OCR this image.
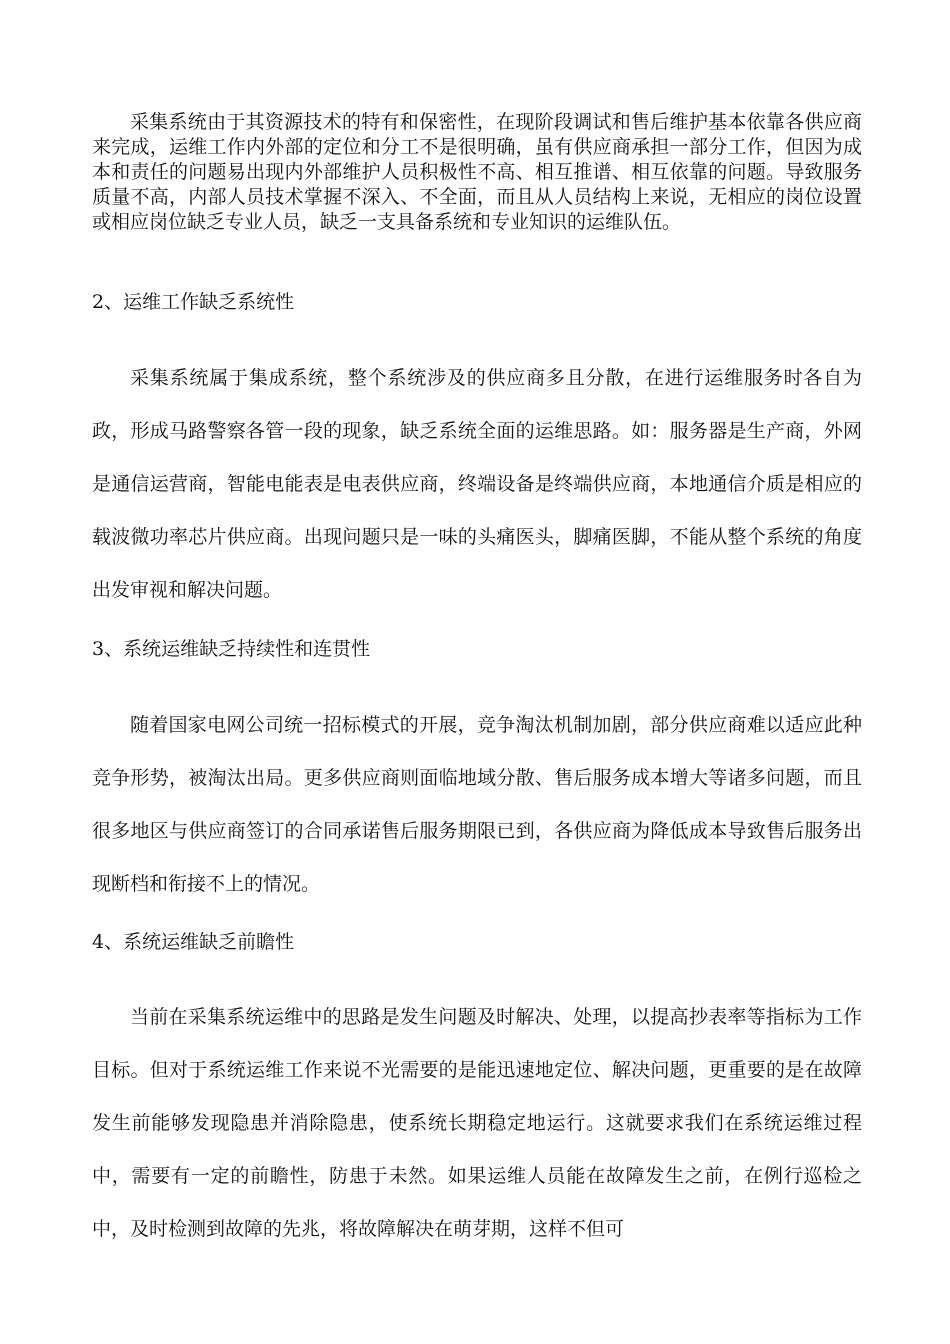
采集系统由于其资源技术的特有和保密性，在现阶段调试和售后维护基本依靠各供应商来完成，运维工作内外部的定位和分工不是很明确，虽有供应商承担一部分工作，但因为成本和责任的问题易出现内外部维护人员积极性不高、相互推谱、相互依靠的问题。导致服务质量不高，内部人员技术掌握不深入、不全面，而且从人员结构上来说，无相应的岗位设置或相应岗位缺乏专业人员，缺乏一支具备系统和专业知识的运维队伍。

2、运维工作缺乏系统性

采集系统属于集成系统，整个系统涉及的供应商多且分散，在进行运维服务时各自为政，形成马路警察各管一段的现象，缺乏系统全面的运维思路。如：服务器是生产商，外网是通信运营商，智能电能表是电表供应商，终端设备是终端供应商，本地通信介质是相应的载波微功率芯片供应商。出现问题只是一味的头痛医头，脚痛医脚，不能从整个系统的角度出发审视和解决问题。

3、系统运维缺乏持续性和连贯性

随着国家电网公司统一招标模式的开展，竞争淘汰机制加剧，部分供应商难以适应此种竞争形势，被淘汰出局。更多供应商则面临地域分散、售后服务成本增大等诸多问题，而且很多地区与供应商签订的合同承诺售后服务期限已到，各供应商为降低成本导致售后服务出现断档和衔接不上的情况。

4、系统运维缺乏前瞻性

当前在采集系统运维中的思路是发生问题及时解决、处理，以提高抄表率等指标为工作目标。但对于系统运维工作来说不光需要的是能迅速地定位、解决问题，更重要的是在故障发生前能够发现隐患并消除隐患，使系统长期稳定地运行。这就要求我们在系统运维过程中，需要有一定的前瞻性，防患于未然。如果运维人员能在故障发生之前，在例行巡检之中，及时检测到故障的先兆，将故障解决在萌芽期，这样不但可
